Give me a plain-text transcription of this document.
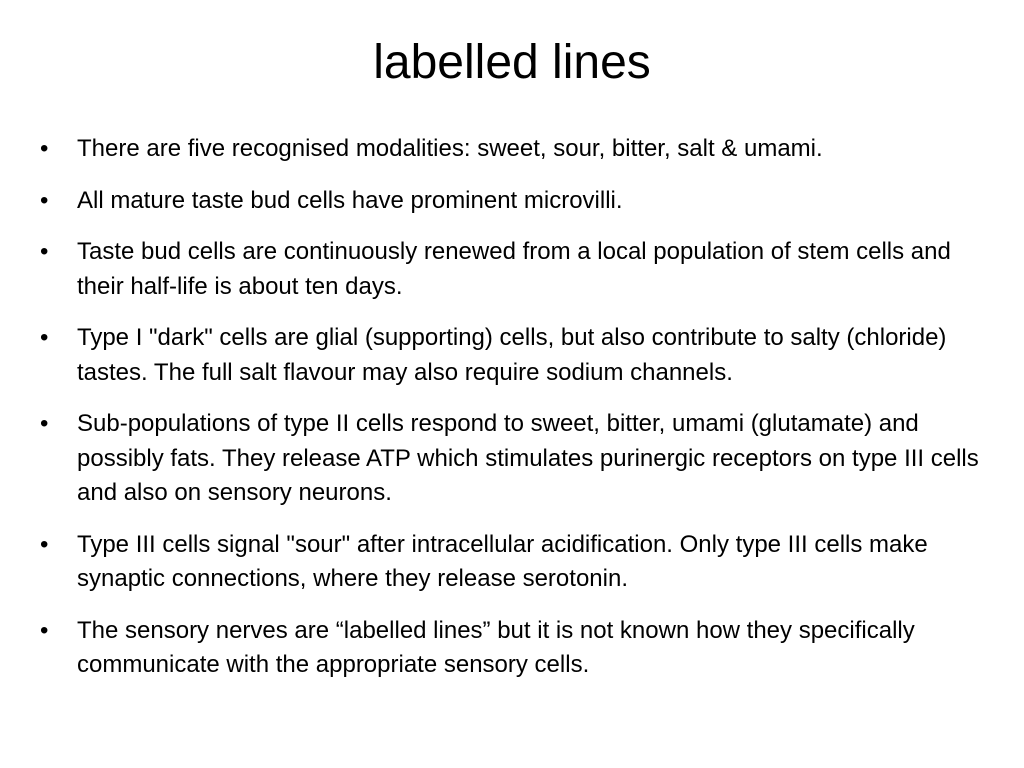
labelled lines
•	There are five recognised modalities: sweet, sour, bitter, salt & umami.
•	All mature taste bud cells have prominent microvilli.
•	Taste bud cells are continuously renewed from a local population of stem cells and their half-life is about ten days.
•	Type I "dark" cells are glial (supporting) cells, but also contribute to salty (chloride) tastes. The full salt flavour may also require sodium channels.
•	Sub-populations of type II cells respond to sweet, bitter, umami (glutamate) and possibly fats. They release ATP which stimulates purinergic receptors on type III cells and also on sensory neurons.
•	Type III cells signal "sour" after intracellular acidification. Only type III cells make synaptic connections, where they release serotonin.
•	The sensory nerves are “labelled lines” but it is not known how they specifically communicate with the appropriate sensory cells.
